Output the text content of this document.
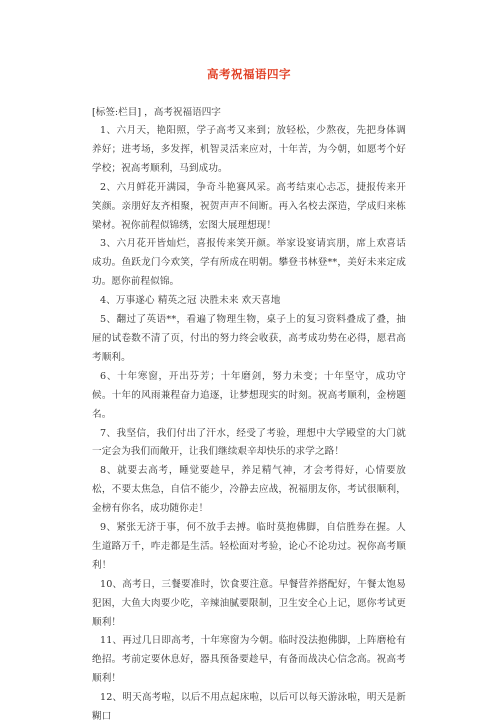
高考祝福语四字
[标签:栏目] ，高考祝福语四字

1、六月天，艳阳照，学子高考又来到；放轻松，少熬夜，先把身体调养好；进考场，多发挥，机智灵活来应对，十年苦，为今朝，如愿考个好学校；祝高考顺利，马到成功。

2、六月鲜花开满园，争奇斗艳赛风采。高考结束心忐忑，捷报传来开笑颜。亲朋好友齐相聚，祝贺声声不间断。再入名校去深造，学成归来栋梁材。祝你前程似锦绣，宏图大展理想现！

3、六月花开皆灿烂，喜报传来笑开颜。举家设宴请宾朋，席上欢喜话成功。鱼跃龙门今欢笑，学有所成在明朝。攀登书林登**，美好未来定成功。愿你前程似锦。

4、万事遂心 精英之冠 决胜未来 欢天喜地

5、翻过了英语**，看遍了物理生物，桌子上的复习资料叠成了叠，抽屉的试卷数不清了页，付出的努力终会收获，高考成功势在必得，愿君高考顺利。

6、十年寒窗，开出芬芳；十年磨剑，努力未变；十年坚守，成功守候。十年的风雨兼程奋力追逐，让梦想现实的时刻。祝高考顺利，金榜题名。

7、我坚信，我们付出了汗水，经受了考验，理想中大学殿堂的大门就一定会为我们而敞开，让我们继续艰辛却快乐的求学之路！

8、就要去高考，睡觉要趁早，养足精气神，才会考得好，心情要放松，不要太焦急，自信不能少，冷静去应战，祝福朋友你，考试很顺利，金榜有你名，成功随你走！

9、紧张无济于事，何不放手去搏。临时莫抱佛脚，自信胜券在握。人生道路万千，咋走都是生活。轻松面对考验，论心不论功过。祝你高考顺利！

10、高考日，三餐要准时，饮食要注意。早餐营养搭配好，午餐太饱易犯困，大鱼大肉要少吃，辛辣油腻要限制，卫生安全心上记，愿你考试更顺利！

11、再过几日即高考，十年寒窗为今朝。临时没法抱佛脚，上阵磨枪有绝招。考前定要休息好，器具预备要趁早，有备而战决心信念高。祝高考顺利！

12、明天高考啦，以后不用点起床啦，以后可以每天游泳啦，明天是新糊口
